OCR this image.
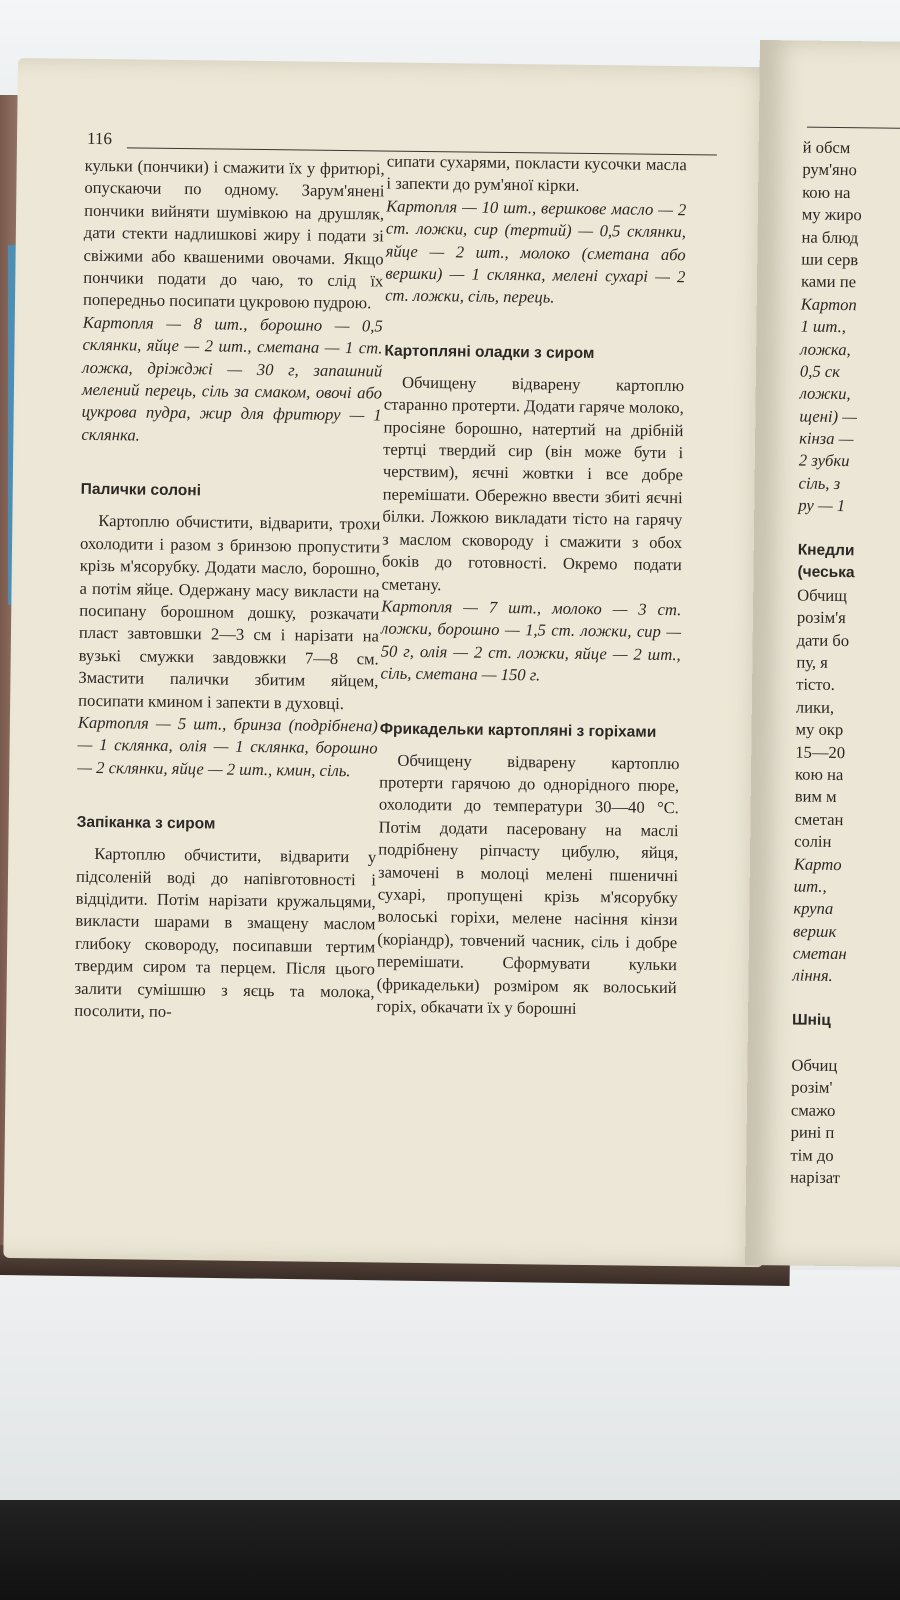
116

кульки (пончики) і смажити їх у фритюрі, опускаючи по одному. Зарум'янені пончики вийняти шумівкою на друшляк, дати стекти надлишкові жиру і подати зі свіжими або квашеними овочами. Якщо пончики подати до чаю, то слід їх попередньо посипати цукровою пудрою.

Картопля — 8 шт., борошно — 0,5 склянки, яйце — 2 шт., сметана — 1 ст. ложка, дріжджі — 30 г, запашний мелений перець, сіль за смаком, овочі або цукрова пудра, жир для фритюру — 1 склянка.

Палички солоні

Картоплю обчистити, відварити, трохи охолодити і разом з бринзою пропустити крізь м'ясорубку. Додати масло, борошно, а потім яйце. Одержану масу викласти на посипану борошном дошку, розкачати пласт завтовшки 2—3 см і нарізати на вузькі смужки завдовжки 7—8 см. Змастити палички збитим яйцем, посипати кмином і запекти в духовці.

Картопля — 5 шт., бринза (подрібнена) — 1 склянка, олія — 1 склянка, борошно — 2 склянки, яйце — 2 шт., кмин, сіль.

Запіканка з сиром

Картоплю обчистити, відварити у підсоленій воді до напівготовності і відцідити. Потім нарізати кружальцями, викласти шарами в змащену маслом глибоку сковороду, посипавши тертим твердим сиром та перцем. Після цього залити сумішшю з яєць та молока, посолити, по-

сипати сухарями, покласти кусочки масла і запекти до рум'яної кірки.

Картопля — 10 шт., вершкове масло — 2 ст. ложки, сир (тертий) — 0,5 склянки, яйце — 2 шт., молоко (сметана або вершки) — 1 склянка, мелені сухарі — 2 ст. ложки, сіль, перець.

Картопляні оладки з сиром

Обчищену відварену картоплю старанно протерти. Додати гаряче молоко, просіяне борошно, натертий на дрібній тертці твердий сир (він може бути і черствим), яєчні жовтки і все добре перемішати. Обережно ввести збиті яєчні білки. Ложкою викладати тісто на гарячу з маслом сковороду і смажити з обох боків до готовності. Окремо подати сметану.

Картопля — 7 шт., молоко — 3 ст. ложки, борошно — 1,5 ст. ложки, сир — 50 г, олія — 2 ст. ложки, яйце — 2 шт., сіль, сметана — 150 г.

Фрикадельки картопляні з горіхами

Обчищену відварену картоплю протерти гарячою до однорідного пюре, охолодити до температури 30—40 °С. Потім додати пасеровану на маслі подрібнену ріпчасту цибулю, яйця, замочені в молоці мелені пшеничні сухарі, пропущені крізь м'ясорубку волоські горіхи, мелене насіння кінзи (коріандр), товчений часник, сіль і добре перемішати. Сформувати кульки (фрикадельки) розміром як волоський горіх, обкачати їх у борошні

й обсм
рум'яно
кою на
му жиро
на блюд
ши серв
ками пе
Картоп
1 шт.,
ложка,
0,5 ск
ложки,
щені) —
кінза —
2 зубки
сіль, з
ру — 1
Кнедли
(чеська
Обчищ
розім'я
дати бо
пу, я
тісто.
лики,
му окр
15—20
кою на
вим м
сметан
солін
Карто
шт.,
крупа
вершк
сметан
ління.
Шніц
Обчиц
розім'
смажо
рині п
тім до
нарізат
